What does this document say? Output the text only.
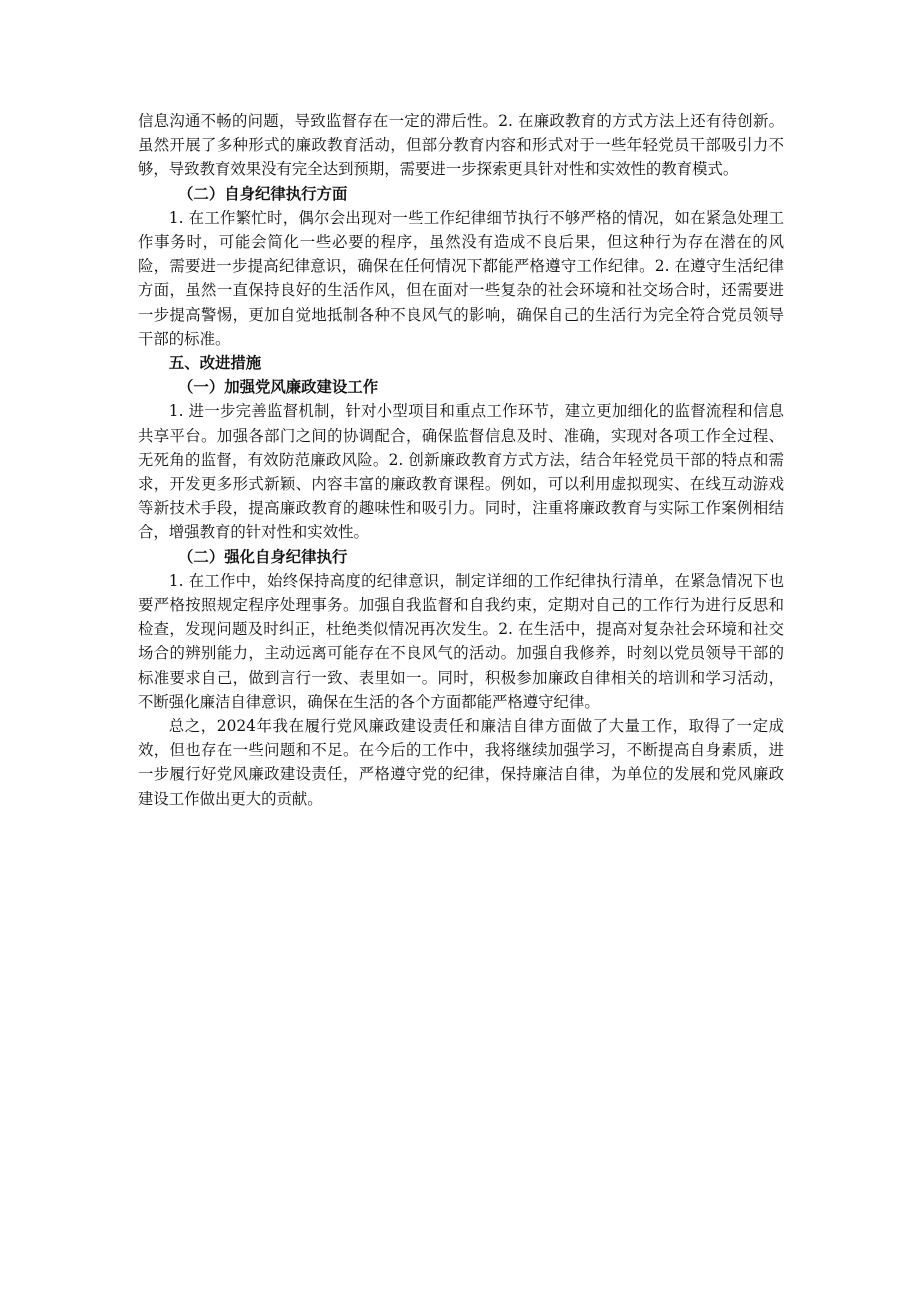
信息沟通不畅的问题，导致监督存在一定的滞后性。2. 在廉政教育的方式方法上还有待创新。虽然开展了多种形式的廉政教育活动，但部分教育内容和形式对于一些年轻党员干部吸引力不够，导致教育效果没有完全达到预期，需要进一步探索更具针对性和实效性的教育模式。

（二）自身纪律执行方面

1. 在工作繁忙时，偶尔会出现对一些工作纪律细节执行不够严格的情况，如在紧急处理工作事务时，可能会简化一些必要的程序，虽然没有造成不良后果，但这种行为存在潜在的风险，需要进一步提高纪律意识，确保在任何情况下都能严格遵守工作纪律。2. 在遵守生活纪律方面，虽然一直保持良好的生活作风，但在面对一些复杂的社会环境和社交场合时，还需要进一步提高警惕，更加自觉地抵制各种不良风气的影响，确保自己的生活行为完全符合党员领导干部的标准。

五、改进措施

（一）加强党风廉政建设工作

1. 进一步完善监督机制，针对小型项目和重点工作环节，建立更加细化的监督流程和信息共享平台。加强各部门之间的协调配合，确保监督信息及时、准确，实现对各项工作全过程、无死角的监督，有效防范廉政风险。2. 创新廉政教育方式方法，结合年轻党员干部的特点和需求，开发更多形式新颖、内容丰富的廉政教育课程。例如，可以利用虚拟现实、在线互动游戏等新技术手段，提高廉政教育的趣味性和吸引力。同时，注重将廉政教育与实际工作案例相结合，增强教育的针对性和实效性。

（二）强化自身纪律执行

1. 在工作中，始终保持高度的纪律意识，制定详细的工作纪律执行清单，在紧急情况下也要严格按照规定程序处理事务。加强自我监督和自我约束，定期对自己的工作行为进行反思和检查，发现问题及时纠正，杜绝类似情况再次发生。2. 在生活中，提高对复杂社会环境和社交场合的辨别能力，主动远离可能存在不良风气的活动。加强自我修养，时刻以党员领导干部的标准要求自己，做到言行一致、表里如一。同时，积极参加廉政自律相关的培训和学习活动，不断强化廉洁自律意识，确保在生活的各个方面都能严格遵守纪律。

总之，2024年我在履行党风廉政建设责任和廉洁自律方面做了大量工作，取得了一定成效，但也存在一些问题和不足。在今后的工作中，我将继续加强学习，不断提高自身素质，进一步履行好党风廉政建设责任，严格遵守党的纪律，保持廉洁自律，为单位的发展和党风廉政建设工作做出更大的贡献。
